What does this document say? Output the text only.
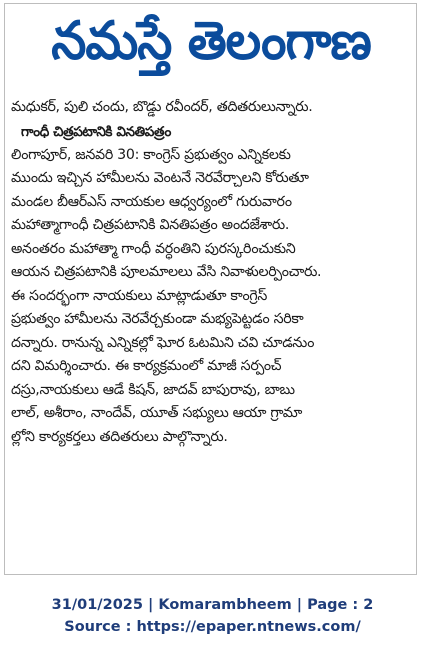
నమస్తే తెలంగాణ
మధుకర్, పులి చందు, బొడ్డు రవీందర్, తదితరులున్నారు.
గాంధీ చిత్రపటానికి వినతిపత్రం
లింగాపూర్, జనవరి 30: కాంగ్రెస్ ప్రభుత్వం ఎన్నికలకు
ముందు ఇచ్చిన హామీలను వెంటనే నెరవేర్చాలని కోరుతూ
మండల బీఆర్ఎస్ నాయకుల ఆధ్వర్యంలో గురువారం
మహాత్మాగాంధీ చిత్రపటానికి వినతిపత్రం అందజేశారు.
అనంతరం మహాత్మా గాంధీ వర్ధంతిని పురస్కరించుకుని
ఆయన చిత్రపటానికి పూలమాలలు వేసి నివాళులర్పించారు.
ఈ సందర్భంగా నాయకులు మాట్లాడుతూ కాంగ్రెస్
ప్రభుత్వం హామీలను నెరవేర్చకుండా మభ్యపెట్టడం సరికా
దన్నారు. రానున్న ఎన్నికల్లో ఘోర ఓటమిని చవి చూడనుం
దని విమర్శించారు. ఈ కార్యక్రమంలో మాజీ సర్పంచ్
దస్రు,నాయకులు ఆడే కిషన్, జాదవ్ బాపురావు, బాబు
లాల్, అశీరాం, నాందేవ్, యూత్ సభ్యులు ఆయా గ్రామా
ల్లోని కార్యకర్తలు తదితరులు పాల్గొన్నారు.
31/01/2025 | Komarambheem | Page : 2
Source : https://epaper.ntnews.com/
